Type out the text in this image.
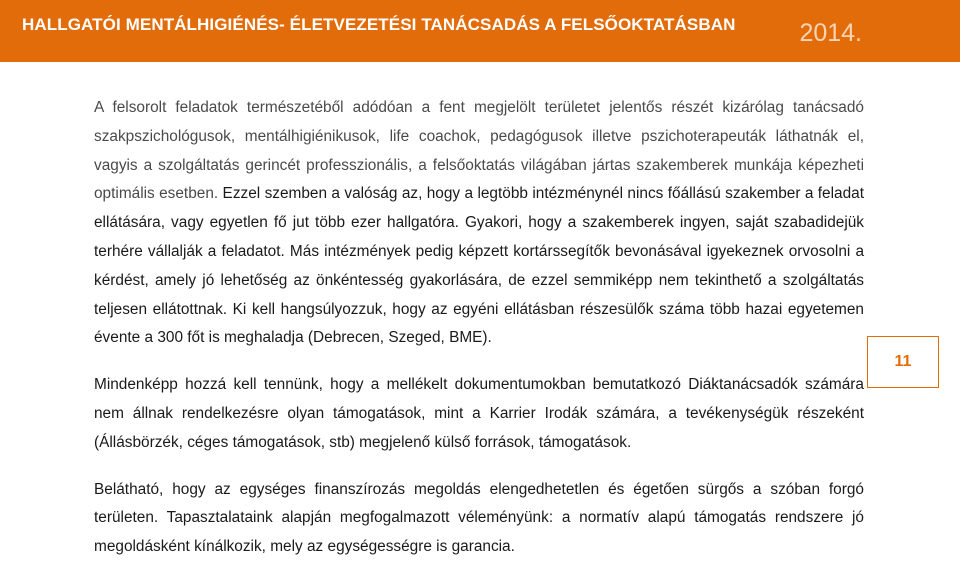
HALLGATÓI MENTÁLHIGIÉNÉS- ÉLETVEZETÉSI TANÁCSADÁS A FELSŐOKTATÁSBAN	2014.

A felsorolt feladatok természetéből adódóan a fent megjelölt területet jelentős részét kizárólag tanácsadó szakpszichológusok, mentálhigiénikusok, life coachok, pedagógusok illetve pszichoterapeuták láthatnák el, vagyis a szolgáltatás gerincét professzionális, a felsőoktatás világában jártas szakemberek munkája képezheti optimális esetben. Ezzel szemben a valóság az, hogy a legtöbb intézménynél nincs főállású szakember a feladat ellátására, vagy egyetlen fő jut több ezer hallgatóra. Gyakori, hogy a szakemberek ingyen, saját szabadidejük terhére vállalják a feladatot. Más intézmények pedig képzett kortárssegítők bevonásával igyekeznek orvosolni a kérdést, amely jó lehetőség az önkéntesség gyakorlására, de ezzel semmiképp nem tekinthető a szolgáltatás teljesen ellátottnak. Ki kell hangsúlyozzuk, hogy az egyéni ellátásban részesülők száma több hazai egyetemen évente a 300 főt is meghaladja (Debrecen, Szeged, BME).

Mindenképp hozzá kell tennünk, hogy a mellékelt dokumentumokban bemutatkozó Diáktanácsadók számára nem állnak rendelkezésre olyan támogatások, mint a Karrier Irodák számára, a tevékenységük részeként (Állásbörzék, céges támogatások, stb) megjelenő külső források, támogatások.

Belátható, hogy az egységes finanszírozás megoldás elengedhetetlen és égetően sürgős a szóban forgó területen. Tapasztalataink alapján megfogalmazott véleményünk: a normatív alapú támogatás rendszere jó megoldásként kínálkozik, mely az egységességre is garancia.

11
